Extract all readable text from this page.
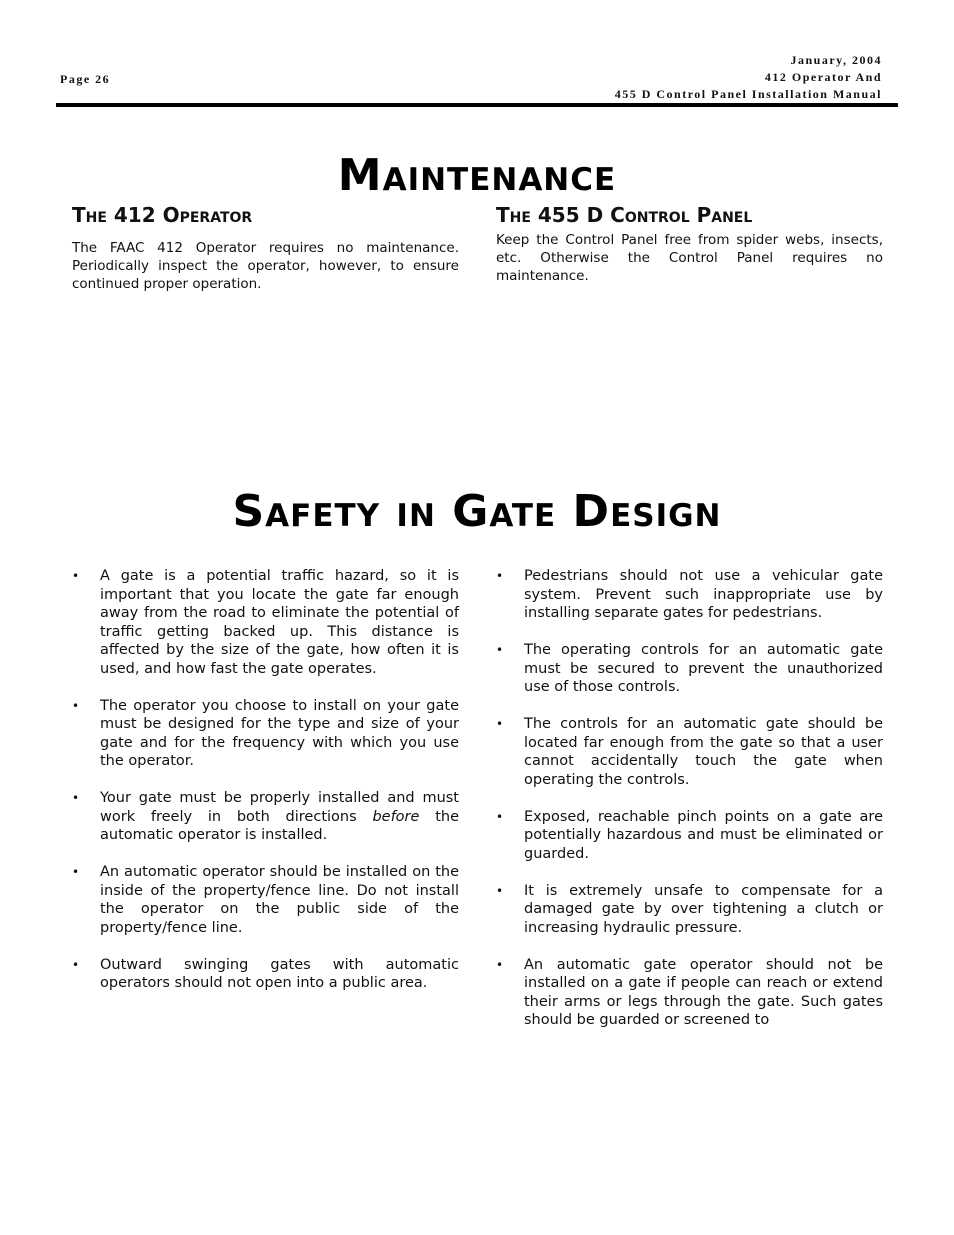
Page 26
January, 2004
412 Operator And
455 D Control Panel Installation Manual
Maintenance
The 412 Operator

The FAAC 412 Operator requires no maintenance. Periodically inspect the operator, however, to ensure continued proper operation.

The 455 D Control Panel

Keep the Control Panel free from spider webs, insects, etc. Otherwise the Control Panel requires no maintenance.

Safety in Gate Design
• A gate is a potential traffic hazard, so it is important that you locate the gate far enough away from the road to eliminate the potential of traffic getting backed up. This distance is affected by the size of the gate, how often it is used, and how fast the gate operates.
• The operator you choose to install on your gate must be designed for the type and size of your gate and for the frequency with which you use the operator.
• Your gate must be properly installed and must work freely in both directions before the automatic operator is installed.
• An automatic operator should be installed on the inside of the property/fence line. Do not install the operator on the public side of the property/fence line.
• Outward swinging gates with automatic operators should not open into a public area.
• Pedestrians should not use a vehicular gate system. Prevent such inappropriate use by installing separate gates for pedestrians.
• The operating controls for an automatic gate must be secured to prevent the unauthorized use of those controls.
• The controls for an automatic gate should be located far enough from the gate so that a user cannot accidentally touch the gate when operating the controls.
• Exposed, reachable pinch points on a gate are potentially hazardous and must be eliminated or guarded.
• It is extremely unsafe to compensate for a damaged gate by over tightening a clutch or increasing hydraulic pressure.
• An automatic gate operator should not be installed on a gate if people can reach or extend their arms or legs through the gate. Such gates should be guarded or screened to
